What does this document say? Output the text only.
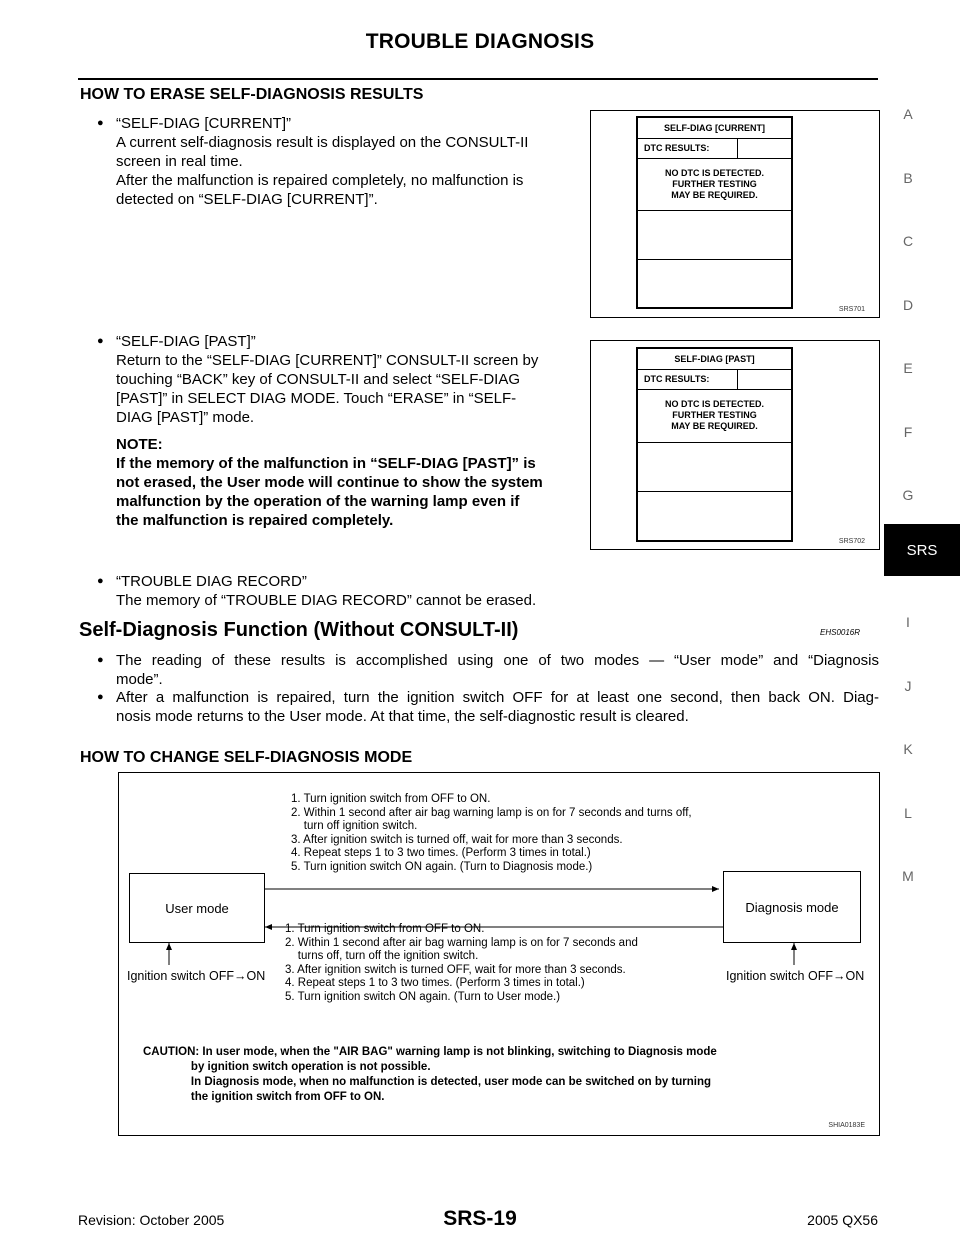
TROUBLE DIAGNOSIS
A
B
C
D
E
F
G
I
J
K
L
M
SRS
HOW TO ERASE SELF-DIAGNOSIS RESULTS
● “SELF-DIAG [CURRENT]”

A current self-diagnosis result is displayed on the CONSULT-II

screen in real time.

After the malfunction is repaired completely, no malfunction is

detected on “SELF-DIAG [CURRENT]”.

SELF-DIAG [CURRENT]
DTC RESULTS:
NO DTC IS DETECTED.
FURTHER TESTING
MAY BE REQUIRED.
SRS701
● “SELF-DIAG [PAST]”

Return to the “SELF-DIAG [CURRENT]” CONSULT-II screen by

touching “BACK” key of CONSULT-II and select “SELF-DIAG

[PAST]” in SELECT DIAG MODE. Touch “ERASE” in “SELF-

DIAG [PAST]” mode.

NOTE:

If the memory of the malfunction in “SELF-DIAG [PAST]” is

not erased, the User mode will continue to show the system

malfunction by the operation of the warning lamp even if

the malfunction is repaired completely.

SELF-DIAG [PAST]
DTC RESULTS:
NO DTC IS DETECTED.
FURTHER TESTING
MAY BE REQUIRED.
SRS702
● “TROUBLE DIAG RECORD”

The memory of “TROUBLE DIAG RECORD” cannot be erased.

Self-Diagnosis Function (Without CONSULT-II)	EHS0016R
● The reading of these results is accomplished using one of two modes — “User mode” and “Diagnosis

mode”.

● After a malfunction is repaired, turn the ignition switch OFF for at least one second, then back ON. Diag-

nosis mode returns to the User mode. At that time, the self-diagnostic result is cleared.

HOW TO CHANGE SELF-DIAGNOSIS MODE
1. Turn ignition switch from OFF to ON.
2. Within 1 second after air bag warning lamp is on for 7 seconds and turns off,
turn off ignition switch.
3. After ignition switch is turned off, wait for more than 3 seconds.
4. Repeat steps 1 to 3 two times. (Perform 3 times in total.)
5. Turn ignition switch ON again. (Turn to Diagnosis mode.)
User mode	Diagnosis mode
1. Turn ignition switch from OFF to ON.
2. Within 1 second after air bag warning lamp is on for 7 seconds and
turns off, turn off the ignition switch.
3. After ignition switch is turned OFF, wait for more than 3 seconds.
4. Repeat steps 1 to 3 two times. (Perform 3 times in total.)
5. Turn ignition switch ON again. (Turn to User mode.)
Ignition switch OFF→ON	Ignition switch OFF→ON
CAUTION: In user mode, when the "AIR BAG" warning lamp is not blinking, switching to Diagnosis mode
by ignition switch operation is not possible.
In Diagnosis mode, when no malfunction is detected, user mode can be switched on by turning
the ignition switch from OFF to ON.
SHIA0183E
Revision: October 2005	SRS-19	2005 QX56
